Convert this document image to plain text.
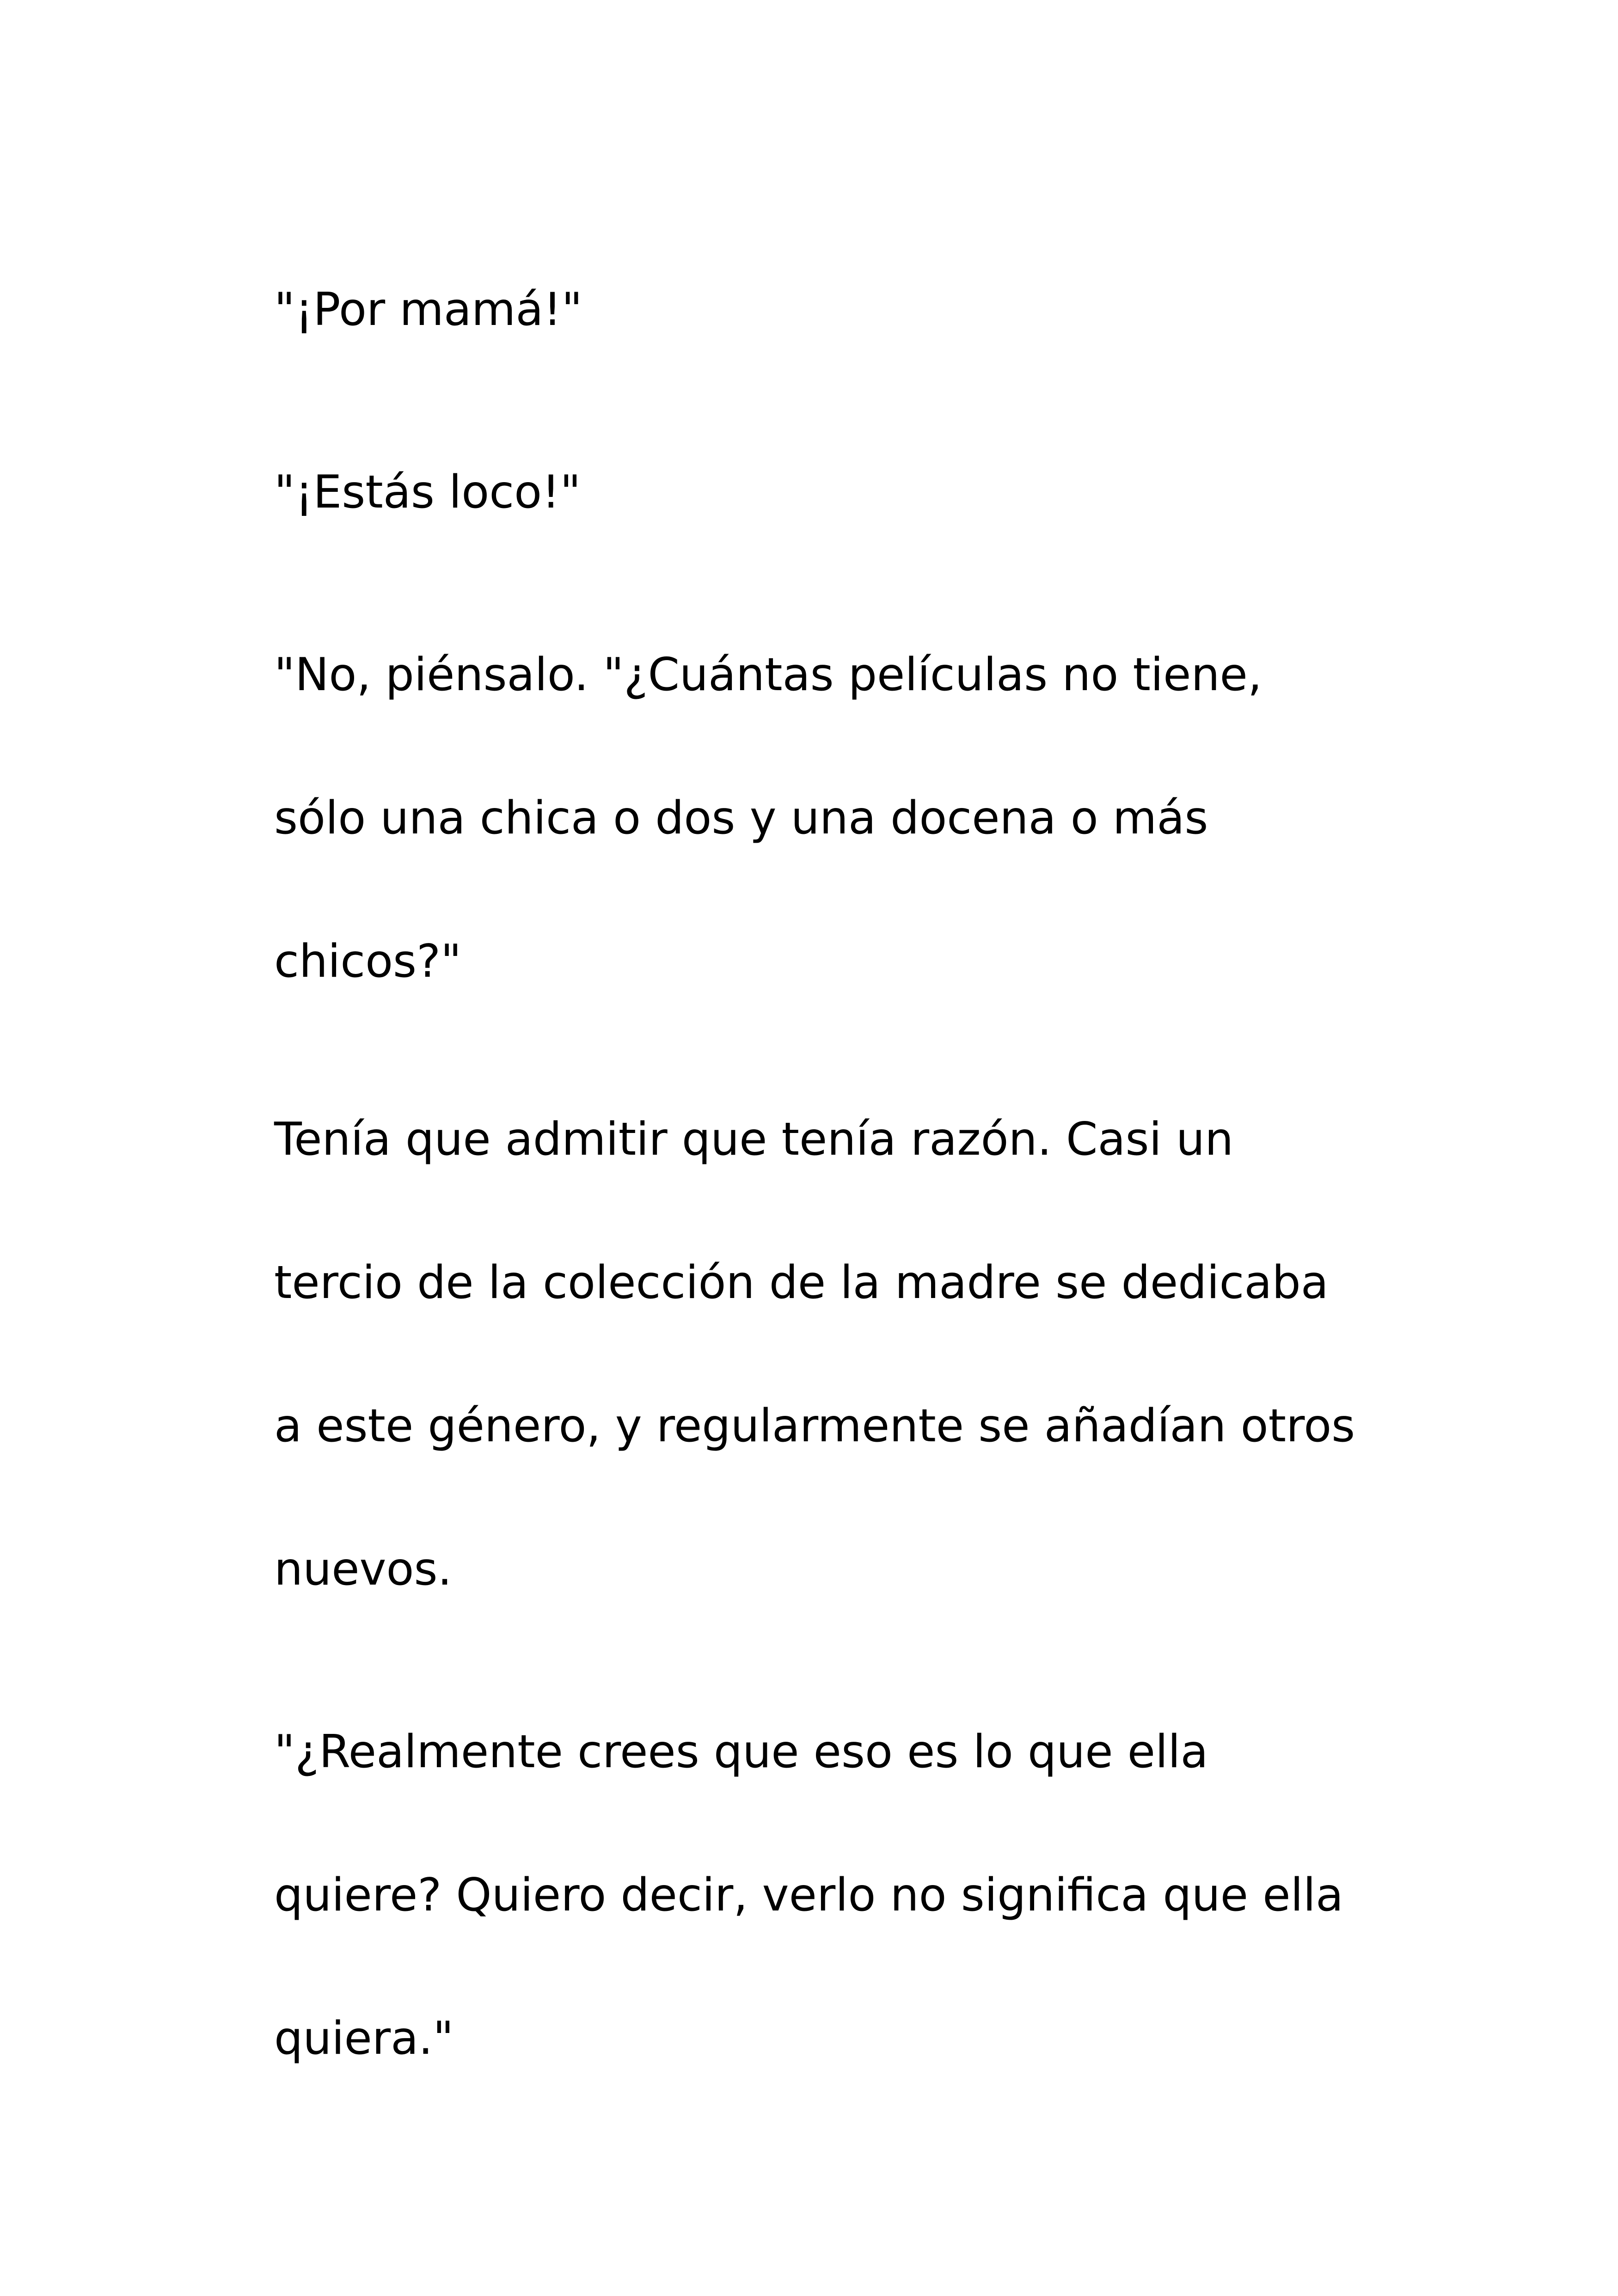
"¡Por mamá!"

"¡Estás loco!"

"No, piénsalo. "¿Cuántas películas no tiene,

sólo una chica o dos y una docena o más

chicos?"

Tenía que admitir que tenía razón. Casi un

tercio de la colección de la madre se dedicaba

a este género, y regularmente se añadían otros

nuevos.

"¿Realmente crees que eso es lo que ella

quiere? Quiero decir, verlo no significa que ella

quiera."
